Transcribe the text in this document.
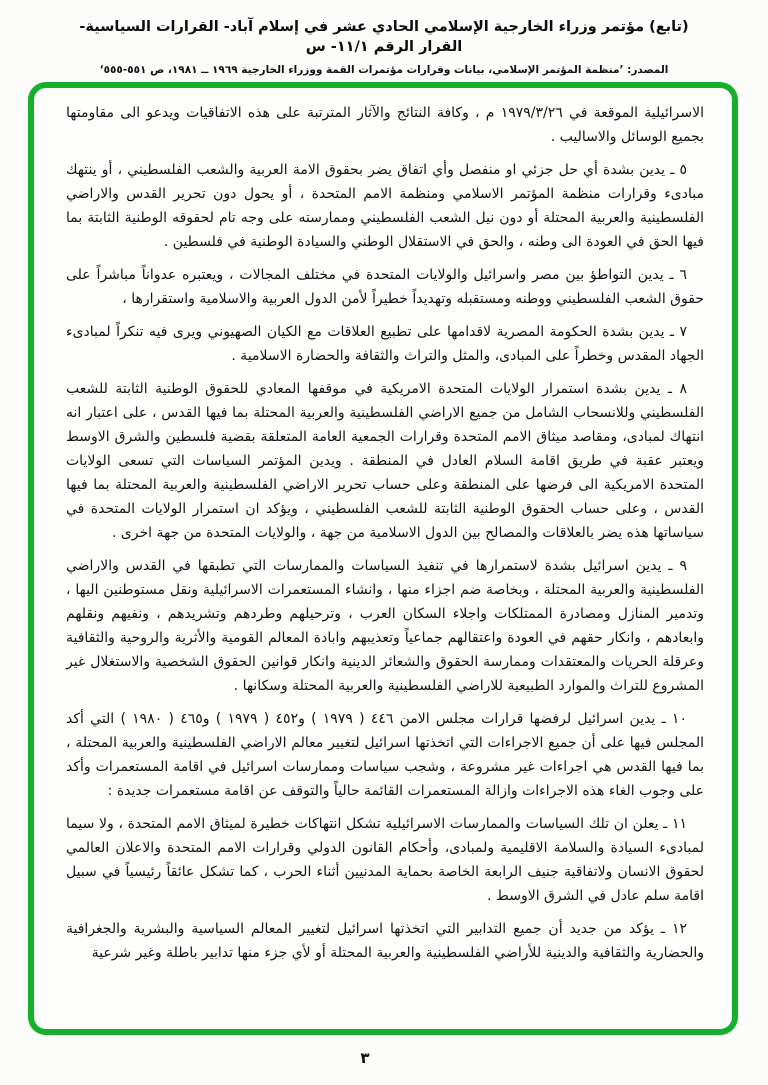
(تابع) مؤتمر وزراء الخارجية الإسلامي الحادي عشر في إسلام آباد- القرارات السياسية- القرار الرقم ١١/١- س
المصدر: ’منظمة المؤتمر الإسلامي، بيانات وقرارات مؤتمرات القمة ووزراء الخارجية ١٩٦٩ ــ ١٩٨١، ص ٥٥١-٥٥٥‘

الاسرائيلية الموقعة في ١٩٧٩/٣/٢٦ م ، وكافة النتائج والآثار المترتبة على هذه الاتفاقيات ويدعو الى مقاومتها بجميع الوسائل والاساليب .

٥ ـ يدين بشدة أي حل جزئي او منفصل وأي اتفاق يضر بحقوق الامة العربية والشعب الفلسطيني ، أو ينتهك مبادىء وقرارات منظمة المؤتمر الاسلامي ومنظمة الامم المتحدة ، أو يحول دون تحرير القدس والاراضي الفلسطينية والعربية المحتلة أو دون نيل الشعب الفلسطيني وممارسته على وجه تام لحقوقه الوطنية الثابتة بما فيها الحق في العودة الى وطنه ، والحق في الاستقلال الوطني والسيادة الوطنية في فلسطين .

٦ ـ يدين التواطؤ بين مصر واسرائيل والولايات المتحدة في مختلف المجالات ، ويعتبره عدواناً مباشراً على حقوق الشعب الفلسطيني ووطنه ومستقبله وتهديداً خطيراً لأمن الدول العربية والاسلامية واستقرارها ،

٧ ـ يدين بشدة الحكومة المصرية لاقدامها على تطبيع العلاقات مع الكيان الصهيوني ويرى فيه تنكراً لمبادىء الجهاد المقدس وخطراً على المبادى، والمثل والتراث والثقافة والحضارة الاسلامية .

٨ ـ يدين بشدة استمرار الولايات المتحدة الامريكية في موقفها المعادي للحقوق الوطنية الثابتة للشعب الفلسطيني وللانسحاب الشامل من جميع الاراضي الفلسطينية والعربية المحتلة بما فيها القدس ، على اعتبار انه انتهاك لمبادى، ومقاصد ميثاق الامم المتحدة وقرارات الجمعية العامة المتعلقة بقضية فلسطين والشرق الاوسط ويعتبر عقبة في طريق اقامة السلام العادل في المنطقة . ويدين المؤتمر السياسات التي تسعى الولايات المتحدة الامريكية الى فرضها على المنطقة وعلى حساب تحرير الاراضي الفلسطينية والعربية المحتلة بما فيها القدس ، وعلى حساب الحقوق الوطنية الثابتة للشعب الفلسطيني ، ويؤكد ان استمرار الولايات المتحدة في سياساتها هذه يضر بالعلاقات والمصالح بين الدول الاسلامية من جهة ، والولايات المتحدة من جهة اخرى .

٩ ـ يدين اسرائيل بشدة لاستمرارها في تنفيذ السياسات والممارسات التي تطبقها في القدس والاراضي الفلسطينية والعربية المحتلة ، وبخاصة ضم اجزاء منها ، وانشاء المستعمرات الاسرائيلية ونقل مستوطنين اليها ، وتدمير المنازل ومصادرة الممتلكات واجلاء السكان العرب ، وترحيلهم وطردهم وتشريدهم ، ونفيهم ونقلهم وابعادهم ، وانكار حقهم في العودة واعتقالهم جماعياً وتعذيبهم وابادة المعالم القومية والأثرية والروحية والثقافية وعرقلة الحريات والمعتقدات وممارسة الحقوق والشعائر الدينية وانكار قوانين الحقوق الشخصية والاستغلال غير المشروع للتراث والموارد الطبيعية للاراضي الفلسطينية والعربية المحتلة وسكانها .

١٠ ـ يدين اسرائيل لرفضها قرارات مجلس الامن ٤٤٦ ( ١٩٧٩ ) و٤٥٢ ( ١٩٧٩ ) و٤٦٥ ( ١٩٨٠ ) التي أكد المجلس فيها على أن جميع الاجراءات التي اتخذتها اسرائيل لتغيير معالم الاراضي الفلسطينية والعربية المحتلة ، بما فيها القدس هي اجراءات غير مشروعة ، وشجب سياسات وممارسات اسرائيل في اقامة المستعمرات وأكد على وجوب الغاء هذه الاجراءات وازالة المستعمرات القائمة حالياً والتوقف عن اقامة مستعمرات جديدة :

١١ ـ يعلن ان تلك السياسات والممارسات الاسرائيلية تشكل انتهاكات خطيرة لميثاق الامم المتحدة ، ولا سيما لمبادىء السيادة والسلامة الاقليمية ولمبادى، وأحكام القانون الدولي وقرارات الامم المتحدة والاعلان العالمي لحقوق الانسان ولاتفاقية جنيف الرابعة الخاصة بحماية المدنيين أثناء الحرب ، كما تشكل عائقاً رئيسياً في سبيل اقامة سلم عادل في الشرق الاوسط .

١٢ ـ يؤكد من جديد أن جميع التدابير التي اتخذتها اسرائيل لتغيير المعالم السياسية والبشرية والجغرافية والحضارية والثقافية والدينية للأراضي الفلسطينية والعربية المحتلة أو لأي جزء منها تدابير باطلة وغير شرعية

٣
